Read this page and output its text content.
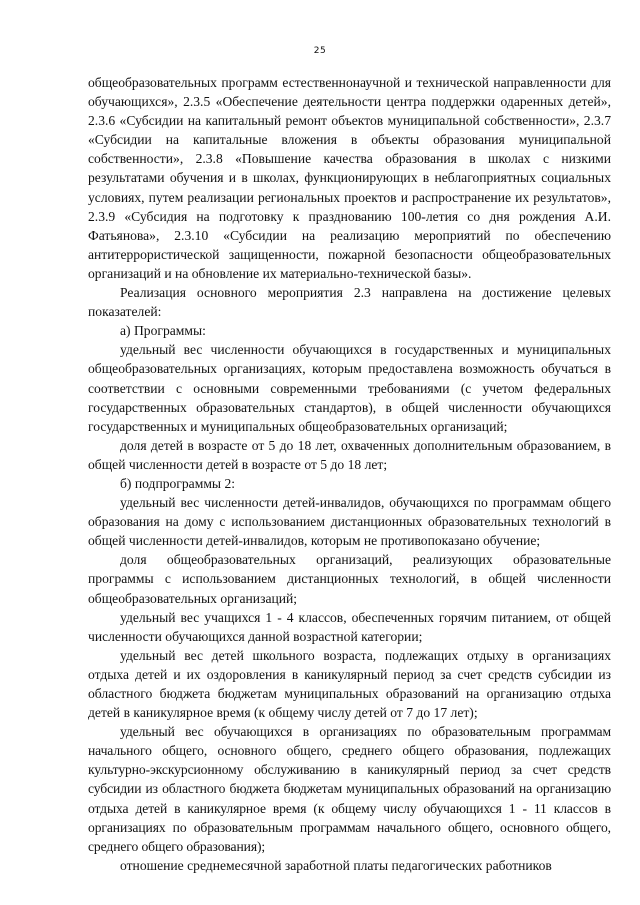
25

общеобразовательных программ естественнонаучной и технической направленности для обучающихся», 2.3.5 «Обеспечение деятельности центра поддержки одаренных детей», 2.3.6 «Субсидии на капитальный ремонт объектов муниципальной собственности», 2.3.7 «Субсидии на капитальные вложения в объекты образования муниципальной собственности», 2.3.8 «Повышение качества образования в школах с низкими результатами обучения и в школах, функционирующих в неблагоприятных социальных условиях, путем реализации региональных проектов и распространение их результатов», 2.3.9 «Субсидия на подготовку к празднованию 100-летия со дня рождения А.И. Фатьянова», 2.3.10 «Субсидии на реализацию мероприятий по обеспечению антитеррористической защищенности, пожарной безопасности общеобразовательных организаций и на обновление их материально-технической базы».

Реализация основного мероприятия 2.3 направлена на достижение целевых показателей:

а) Программы:

удельный вес численности обучающихся в государственных и муниципальных общеобразовательных организациях, которым предоставлена возможность обучаться в соответствии с основными современными требованиями (с учетом федеральных государственных образовательных стандартов), в общей численности обучающихся государственных и муниципальных общеобразовательных организаций;

доля детей в возрасте от 5 до 18 лет, охваченных дополнительным образованием, в общей численности детей в возрасте от 5 до 18 лет;

б) подпрограммы 2:

удельный вес численности детей-инвалидов, обучающихся по программам общего образования на дому с использованием дистанционных образовательных технологий в общей численности детей-инвалидов, которым не противопоказано обучение;

доля общеобразовательных организаций, реализующих образовательные программы с использованием дистанционных технологий, в общей численности общеобразовательных организаций;

удельный вес учащихся 1 - 4 классов, обеспеченных горячим питанием, от общей численности обучающихся данной возрастной категории;

удельный вес детей школьного возраста, подлежащих отдыху в организациях отдыха детей и их оздоровления в каникулярный период за счет средств субсидии из областного бюджета бюджетам муниципальных образований на организацию отдыха детей в каникулярное время (к общему числу детей от 7 до 17 лет);

удельный вес обучающихся в организациях по образовательным программам начального общего, основного общего, среднего общего образования, подлежащих культурно-экскурсионному обслуживанию в каникулярный период за счет средств субсидии из областного бюджета бюджетам муниципальных образований на организацию отдыха детей в каникулярное время (к общему числу обучающихся 1 - 11 классов в организациях по образовательным программам начального общего, основного общего, среднего общего образования);

отношение среднемесячной заработной платы педагогических работников
